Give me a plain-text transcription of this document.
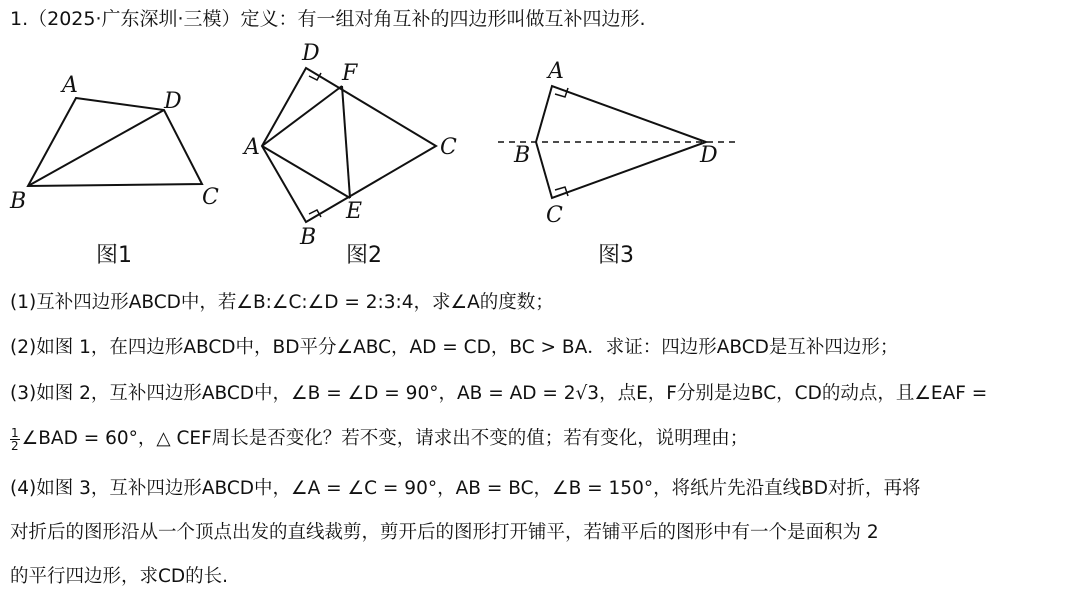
1.（2025·广东深圳·三模）定义：有一组对角互补的四边形叫做互补四边形.
A
D
B	C
图1
D
F
A	C
E
B
图2
A
B	D
C
图3
(1)互补四边形ABCD中，若∠B:∠C:∠D = 2:3:4，求∠A的度数；
(2)如图 1，在四边形ABCD中，BD平分∠ABC，AD = CD，BC > BA．求证：四边形ABCD是互补四边形；
(3)如图 2，互补四边形ABCD中，∠B = ∠D = 90°，AB = AD = 2√3，点E，F分别是边BC，CD的动点，且∠EAF =
$\frac{1}{2}$ ∠BAD = 60°，△ CEF周长是否变化？若不变，请求出不变的值；若有变化，说明理由；
(4)如图 3，互补四边形ABCD中，∠A = ∠C = 90°，AB = BC，∠B = 150°，将纸片先沿直线BD对折，再将
对折后的图形沿从一个顶点出发的直线裁剪，剪开后的图形打开铺平，若铺平后的图形中有一个是面积为 2
的平行四边形，求CD的长.
